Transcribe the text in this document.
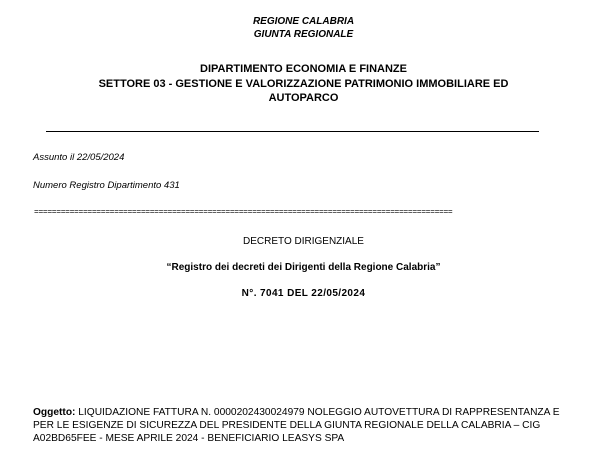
REGIONE CALABRIA
GIUNTA REGIONALE
DIPARTIMENTO ECONOMIA E FINANZE
SETTORE 03 - GESTIONE E VALORIZZAZIONE PATRIMONIO IMMOBILIARE ED
AUTOPARCO
Assunto il 22/05/2024
Numero Registro Dipartimento 431
==============================================================================================
DECRETO DIRIGENZIALE
“Registro dei decreti dei Dirigenti della Regione Calabria”
N°. 7041 DEL 22/05/2024
Oggetto: LIQUIDAZIONE FATTURA N. 0000202430024979 NOLEGGIO AUTOVETTURA DI RAPPRESENTANZA E PER LE ESIGENZE DI SICUREZZA DEL PRESIDENTE DELLA GIUNTA REGIONALE DELLA CALABRIA – CIG A02BD65FEE - MESE APRILE 2024 - BENEFICIARIO LEASYS SPA
